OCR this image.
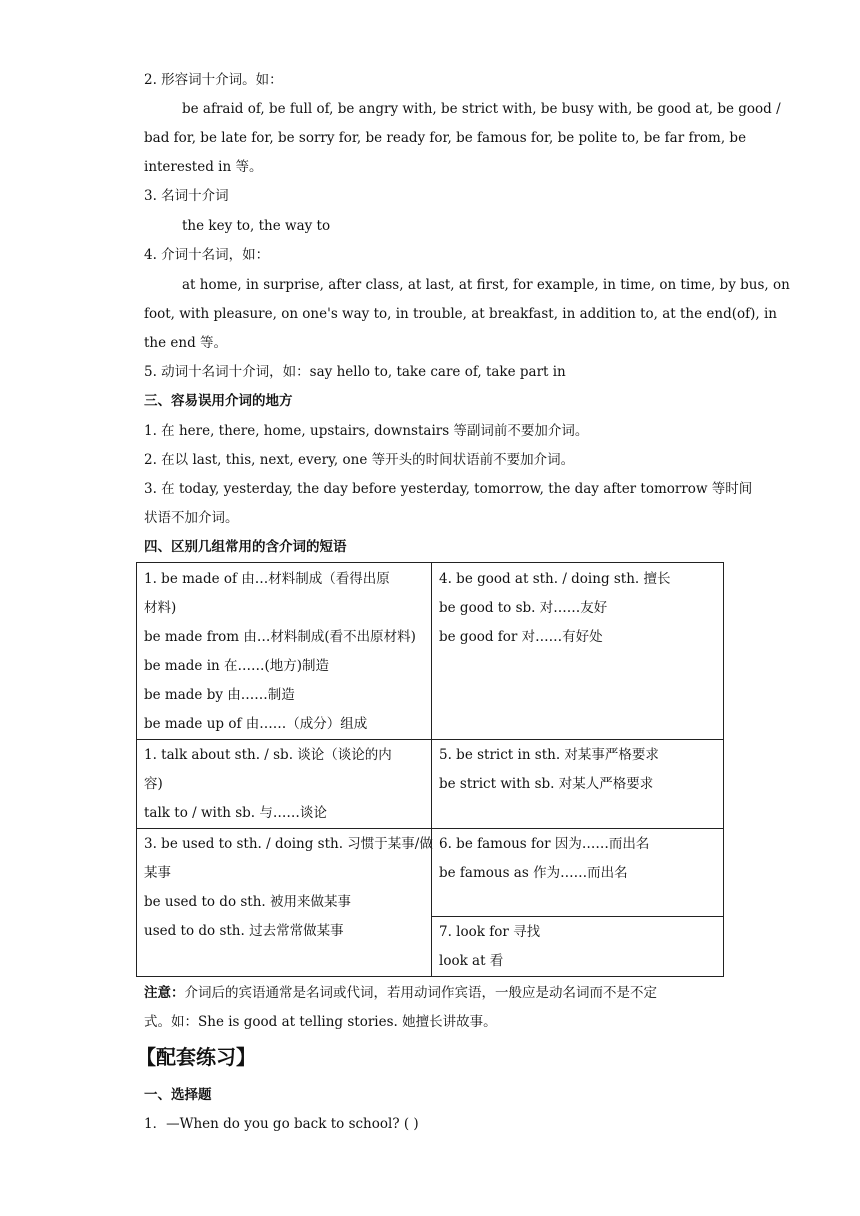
2. 形容词十介词。如：
be afraid of, be full of, be angry with, be strict with, be busy with, be good at, be good /
bad for, be late for, be sorry for, be ready for, be famous for, be polite to, be far from, be
interested in 等。
3. 名词十介词
the key to, the way to
4. 介词十名词，如：
at home, in surprise, after class, at last, at first, for example, in time, on time, by bus, on
foot, with pleasure, on one's way to, in trouble, at breakfast, in addition to, at the end(of), in
the end 等。
5. 动词十名词十介词，如：say hello to, take care of, take part in
三、容易误用介词的地方
1. 在 here, there, home, upstairs, downstairs 等副词前不要加介词。
2. 在以 last, this, next, every, one 等开头的时间状语前不要加介词。
3. 在 today, yesterday, the day before yesterday, tomorrow, the day after tomorrow 等时间
状语不加介词。
四、区别几组常用的含介词的短语
1. be made of 由…材料制成（看得出原
材料)
be made from 由…材料制成(看不出原材料)
be made in 在……(地方)制造
be made by 由……制造
be made up of 由……（成分）组成
4. be good at sth. / doing sth. 擅长
be good to sb. 对……友好
be good for 对……有好处
1. talk about sth. / sb. 谈论（谈论的内
容)
talk to / with sb. 与……谈论
5. be strict in sth. 对某事严格要求
be strict with sb. 对某人严格要求
3. be used to sth. / doing sth. 习惯于某事/做
某事
be used to do sth. 被用来做某事
used to do sth. 过去常常做某事
6. be famous for 因为……而出名
be famous as 作为……而出名
7. look for 寻找
look at 看
注意：介词后的宾语通常是名词或代词，若用动词作宾语，一般应是动名词而不是不定
式。如：She is good at telling stories. 她擅长讲故事。
【配套练习】
一、选择题
1．—When do you go back to school? ( )
